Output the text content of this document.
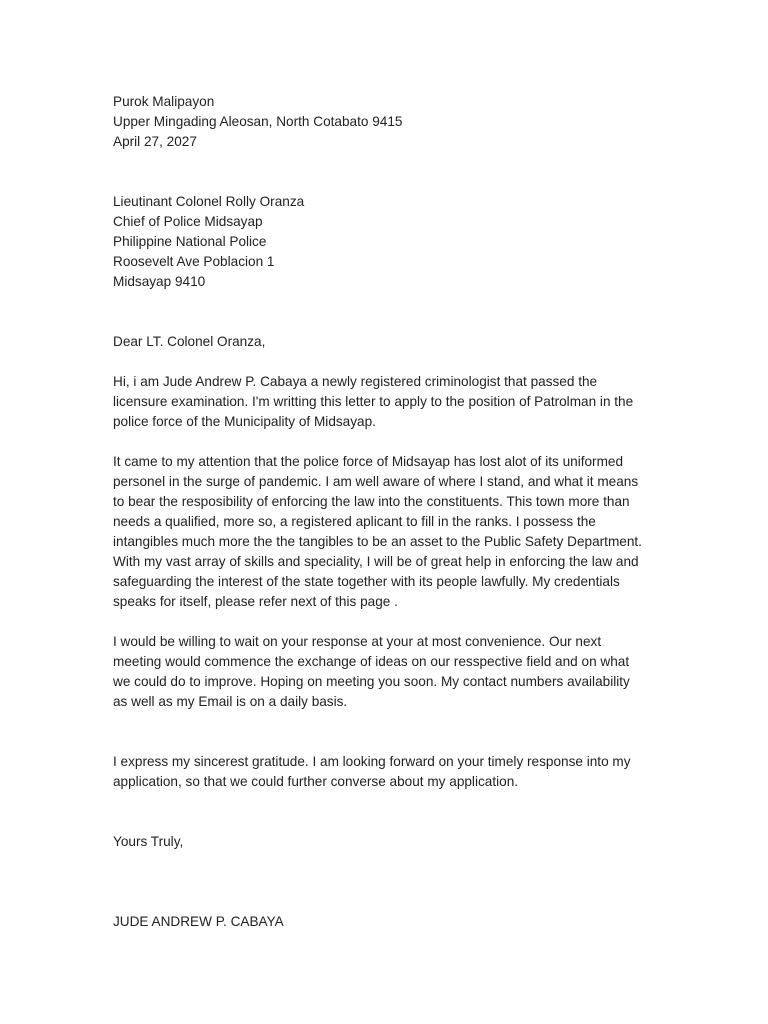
Purok Malipayon
Upper Mingading Aleosan, North Cotabato 9415
April 27, 2027
Lieutinant Colonel Rolly Oranza
Chief of Police Midsayap
Philippine National Police
Roosevelt Ave Poblacion 1
Midsayap 9410
Dear LT. Colonel Oranza,
Hi, i am Jude Andrew P. Cabaya a newly registered criminologist that passed the
licensure examination. I'm writting this letter to apply to the position of Patrolman in the
police force of the Municipality of Midsayap.
It came to my attention that the police force of Midsayap has lost alot of its uniformed
personel in the surge of pandemic. I am well aware of where I stand, and what it means
to bear the resposibility of enforcing the law into the constituents. This town more than
needs a qualified, more so, a registered aplicant to fill in the ranks. I possess the
intangibles much more the the tangibles to be an asset to the Public Safety Department.
With my vast array of skills and speciality, I will be of great help in enforcing the law and
safeguarding the interest of the state together with its people lawfully. My credentials
speaks for itself, please refer next of this page .
I would be willing to wait on your response at your at most convenience. Our next
meeting would commence the exchange of ideas on our resspective field and on what
we could do to improve. Hoping on meeting you soon. My contact numbers availability
as well as my Email is on a daily basis.
I express my sincerest gratitude. I am looking forward on your timely response into my
application, so that we could further converse about my application.
Yours Truly,
JUDE ANDREW P. CABAYA
